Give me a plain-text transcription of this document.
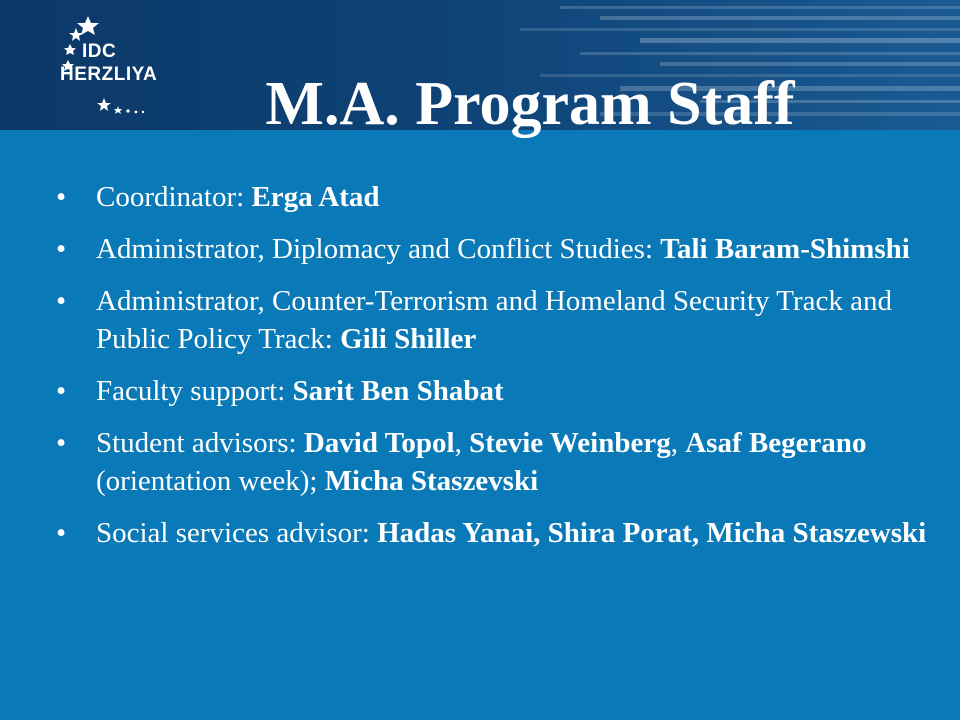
IDC
HERZLIYA	M.A. Program Staff
• Coordinator: Erga Atad
• Administrator, Diplomacy and Conflict Studies: Tali Baram-Shimshi
• Administrator, Counter-Terrorism and Homeland Security Track and Public Policy Track: Gili Shiller
• Faculty support: Sarit Ben Shabat
• Student advisors: David Topol, Stevie Weinberg, Asaf Begerano (orientation week); Micha Staszevski
• Social services advisor: Hadas Yanai, Shira Porat, Micha Staszewski
